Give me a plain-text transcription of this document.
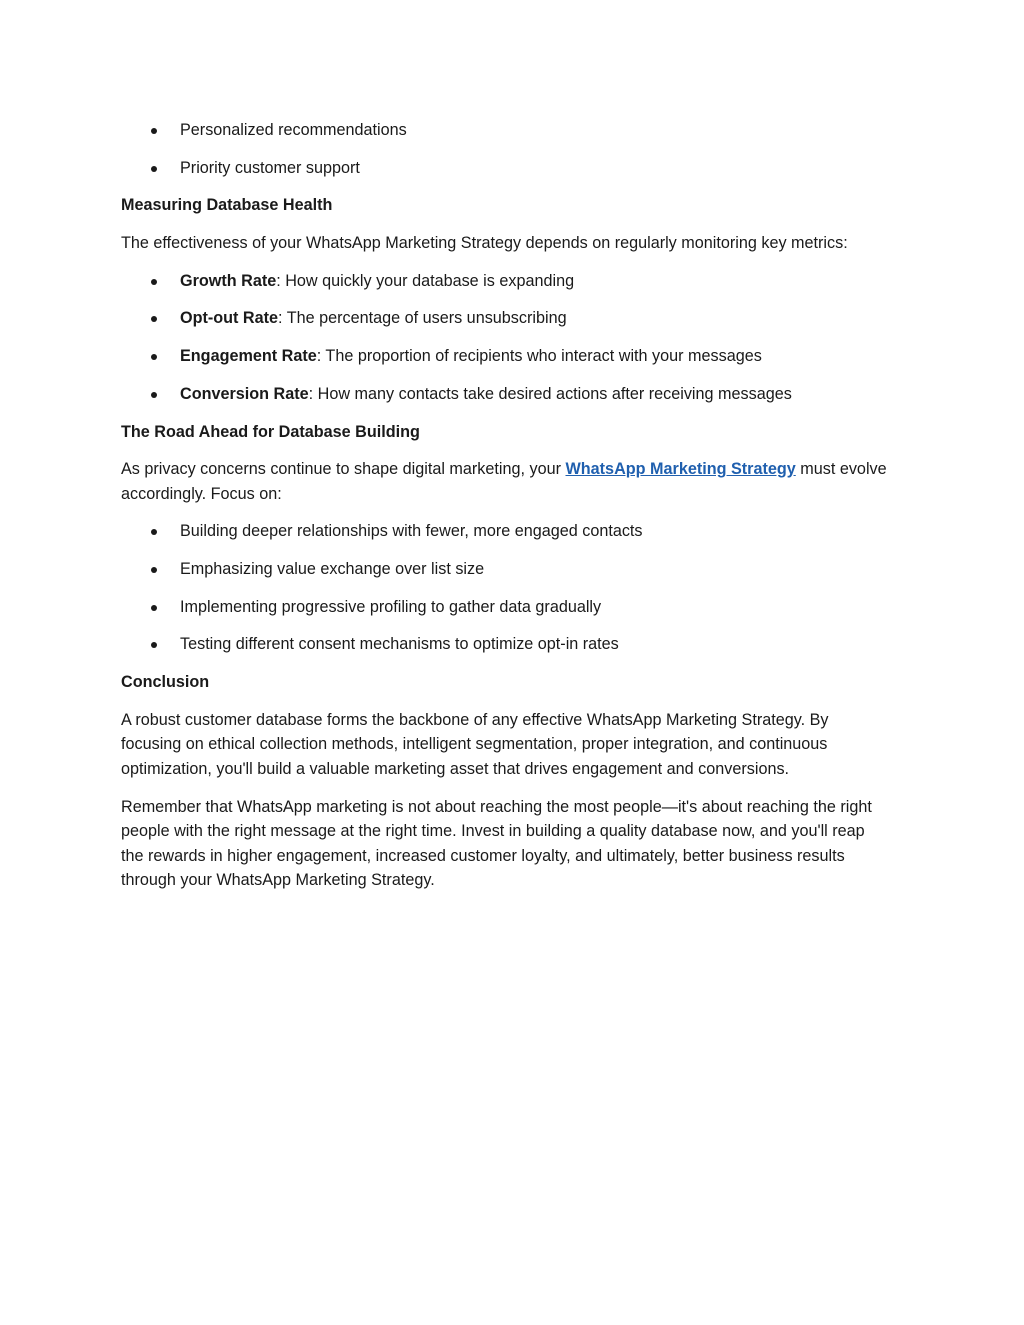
Personalized recommendations
Priority customer support
Measuring Database Health

The effectiveness of your WhatsApp Marketing Strategy depends on regularly monitoring key metrics:

Growth Rate: How quickly your database is expanding
Opt-out Rate: The percentage of users unsubscribing
Engagement Rate: The proportion of recipients who interact with your messages
Conversion Rate: How many contacts take desired actions after receiving messages
The Road Ahead for Database Building

As privacy concerns continue to shape digital marketing, your WhatsApp Marketing Strategy must evolve accordingly. Focus on:

Building deeper relationships with fewer, more engaged contacts
Emphasizing value exchange over list size
Implementing progressive profiling to gather data gradually
Testing different consent mechanisms to optimize opt-in rates
Conclusion

A robust customer database forms the backbone of any effective WhatsApp Marketing Strategy. By focusing on ethical collection methods, intelligent segmentation, proper integration, and continuous optimization, you'll build a valuable marketing asset that drives engagement and conversions.

Remember that WhatsApp marketing is not about reaching the most people—it's about reaching the right people with the right message at the right time. Invest in building a quality database now, and you'll reap the rewards in higher engagement, increased customer loyalty, and ultimately, better business results through your WhatsApp Marketing Strategy.
